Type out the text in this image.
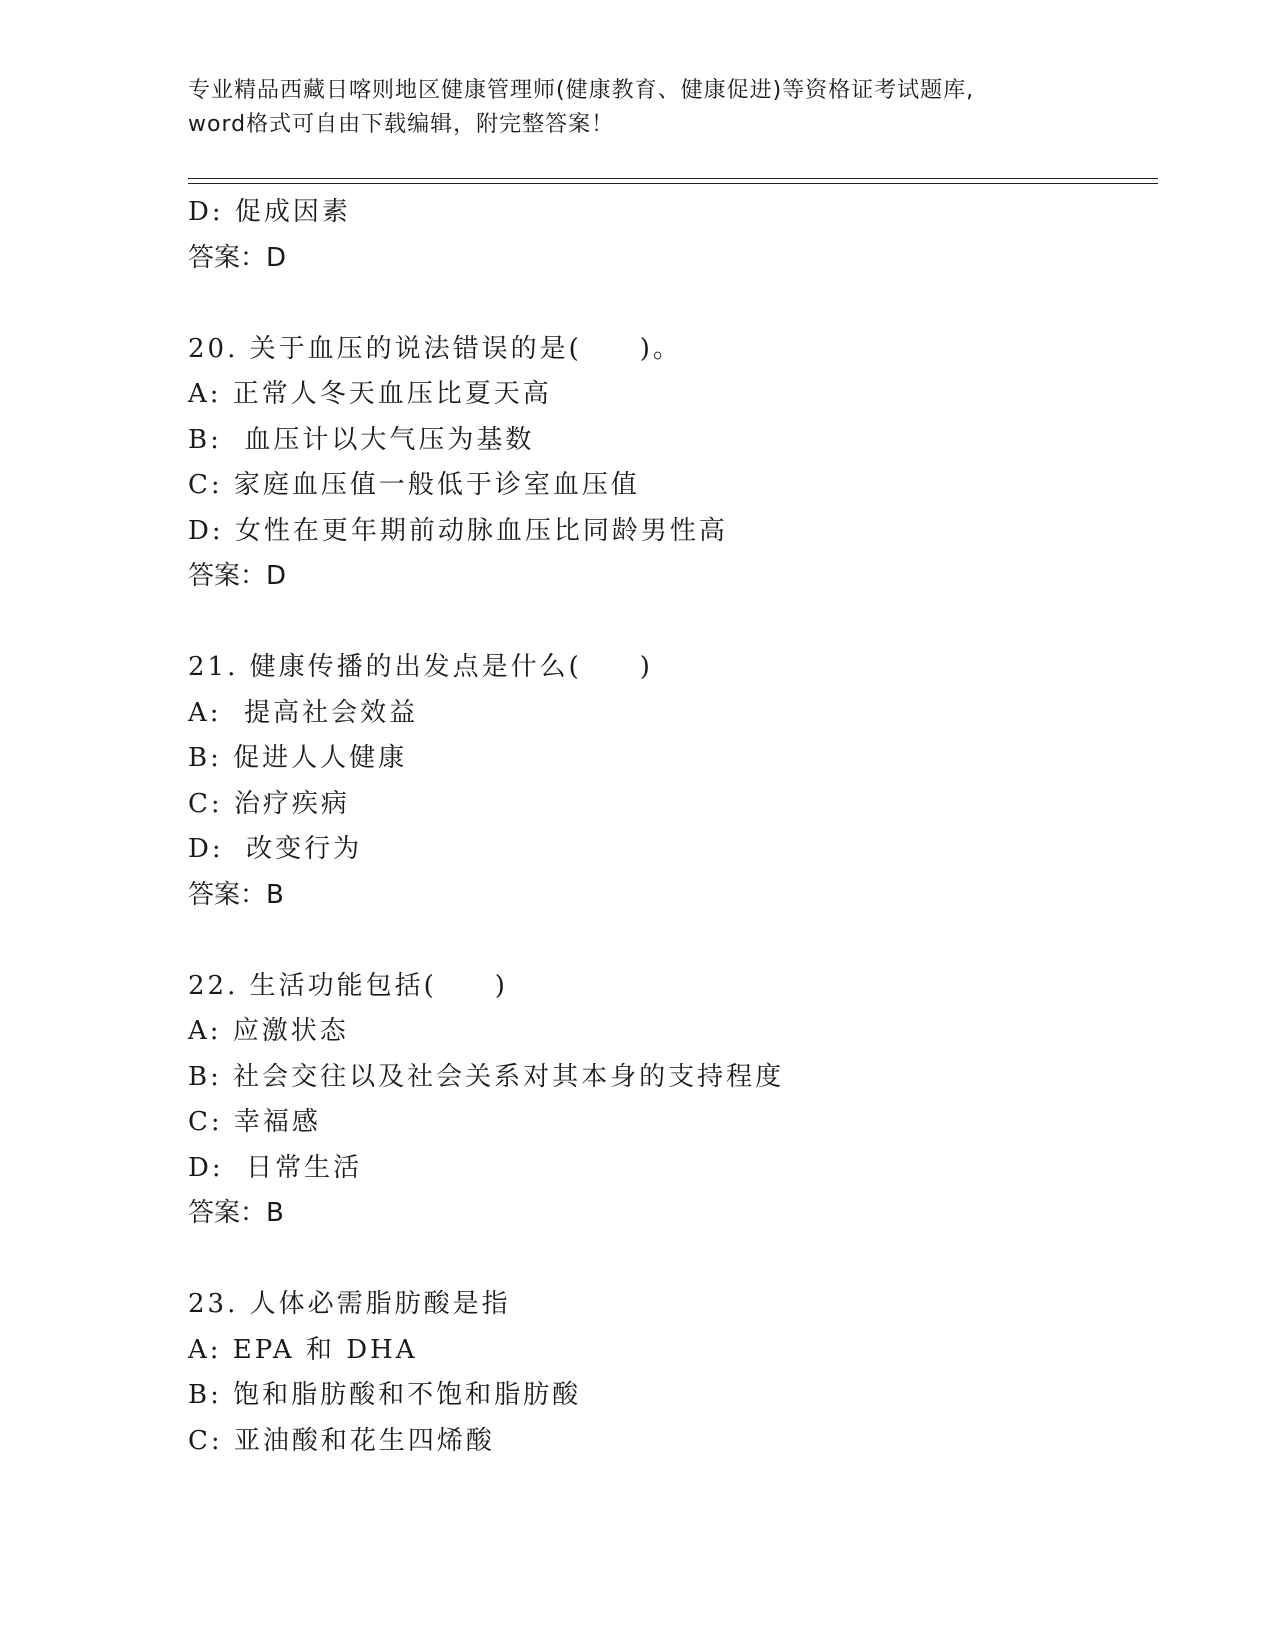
专业精品西藏日喀则地区健康管理师(健康教育、健康促进)等资格证考试题库,
word格式可自由下载编辑，附完整答案！
D: 促成因素
答案：D
20. 关于血压的说法错误的是(　　)。
A: 正常人冬天血压比夏天高
B:  血压计以大气压为基数
C: 家庭血压值一般低于诊室血压值
D: 女性在更年期前动脉血压比同龄男性高
答案：D
21. 健康传播的出发点是什么(　　)
A:  提高社会效益
B: 促进人人健康
C: 治疗疾病
D:  改变行为
答案：B
22. 生活功能包括(　　)
A: 应激状态
B: 社会交往以及社会关系对其本身的支持程度
C: 幸福感
D:  日常生活
答案：B
23. 人体必需脂肪酸是指
A: EPA 和 DHA
B: 饱和脂肪酸和不饱和脂肪酸
C: 亚油酸和花生四烯酸
